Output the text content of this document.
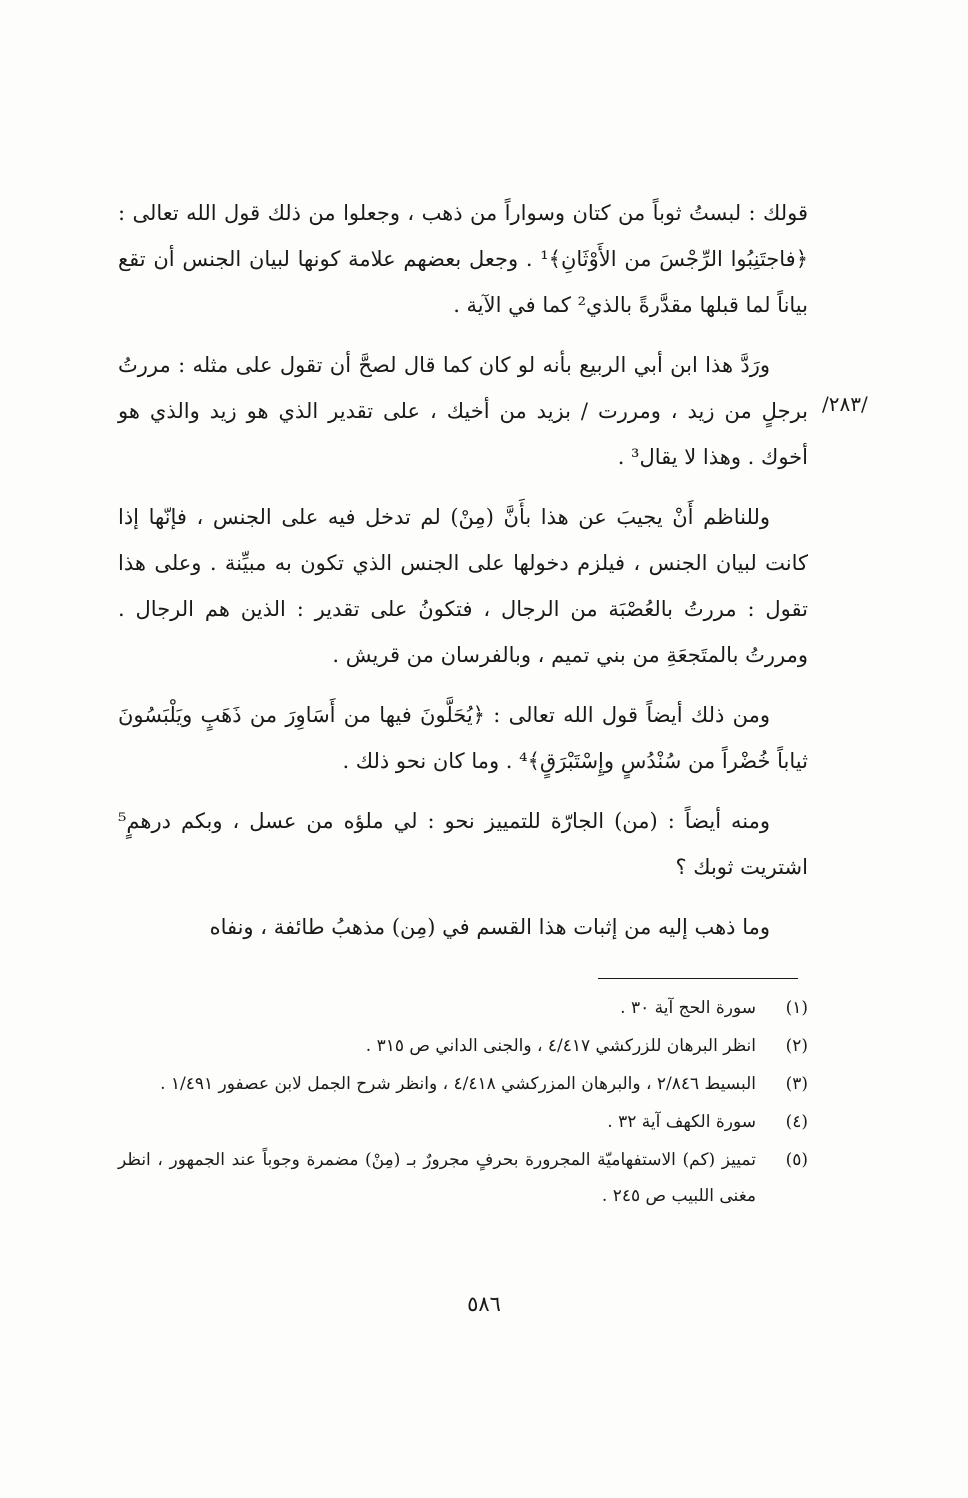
/٢٨٣/

قولك : لبستُ ثوباً من كتان وسواراً من ذهب ، وجعلوا من ذلك قول الله تعالى : ﴿فاجتَنِبُوا الرِّجْسَ من الأَوْثَانِ﴾¹ . وجعل بعضهم علامة كونها لبيان الجنس أن تقع بياناً لما قبلها مقدَّرةً بالذي² كما في الآية .

ورَدَّ هذا ابن أبي الربيع بأنه لو كان كما قال لصحَّ أن تقول على مثله : مررتُ برجلٍ من زيد ، ومررت / بزيد من أخيك ، على تقدير الذي هو زيد والذي هو أخوك . وهذا لا يقال³ .

وللناظم أَنْ يجيبَ عن هذا بأَنَّ (مِنْ) لم تدخل فيه على الجنس ، فإنّها إذا كانت لبيان الجنس ، فيلزم دخولها على الجنس الذي تكون به مبيِّنة . وعلى هذا تقول : مررتُ بالعُصْبَة من الرجال ، فتكونُ على تقدير : الذين هم الرجال . ومررتُ بالمتَجعَةِ من بني تميم ، وبالفرسان من قريش .

ومن ذلك أيضاً قول الله تعالى : ﴿يُحَلَّونَ فيها من أَسَاوِرَ من ذَهَبٍ ويَلْبَسُونَ ثياباً خُضْراً من سُنْدُسٍ وإِسْتَبْرَقٍ﴾⁴ . وما كان نحو ذلك .

ومنه أيضاً : (من) الجارّة للتمييز نحو : لي ملؤه من عسل ، وبكم درهمٍ⁵ اشتريت ثوبك ؟

وما ذهب إليه من إثبات هذا القسم في (مِن) مذهبُ طائفة ، ونفاه

(١)
سورة الحج آية ٣٠ .
(٢)
انظر البرهان للزركشي ٤/٤١٧ ، والجنى الداني ص ٣١٥ .
(٣)
البسيط ٢/٨٤٦ ، والبرهان المزركشي ٤/٤١٨ ، وانظر شرح الجمل لابن عصفور ١/٤٩١ .
(٤)
سورة الكهف آية ٣٢ .
(٥)
تمييز (كم) الاستفهاميّة المجرورة بحرفٍ مجرورٌ بـ (مِنْ) مضمرة وجوباً عند الجمهور ، انظر مغنى اللبيب ص ٢٤٥ .
٥٨٦
